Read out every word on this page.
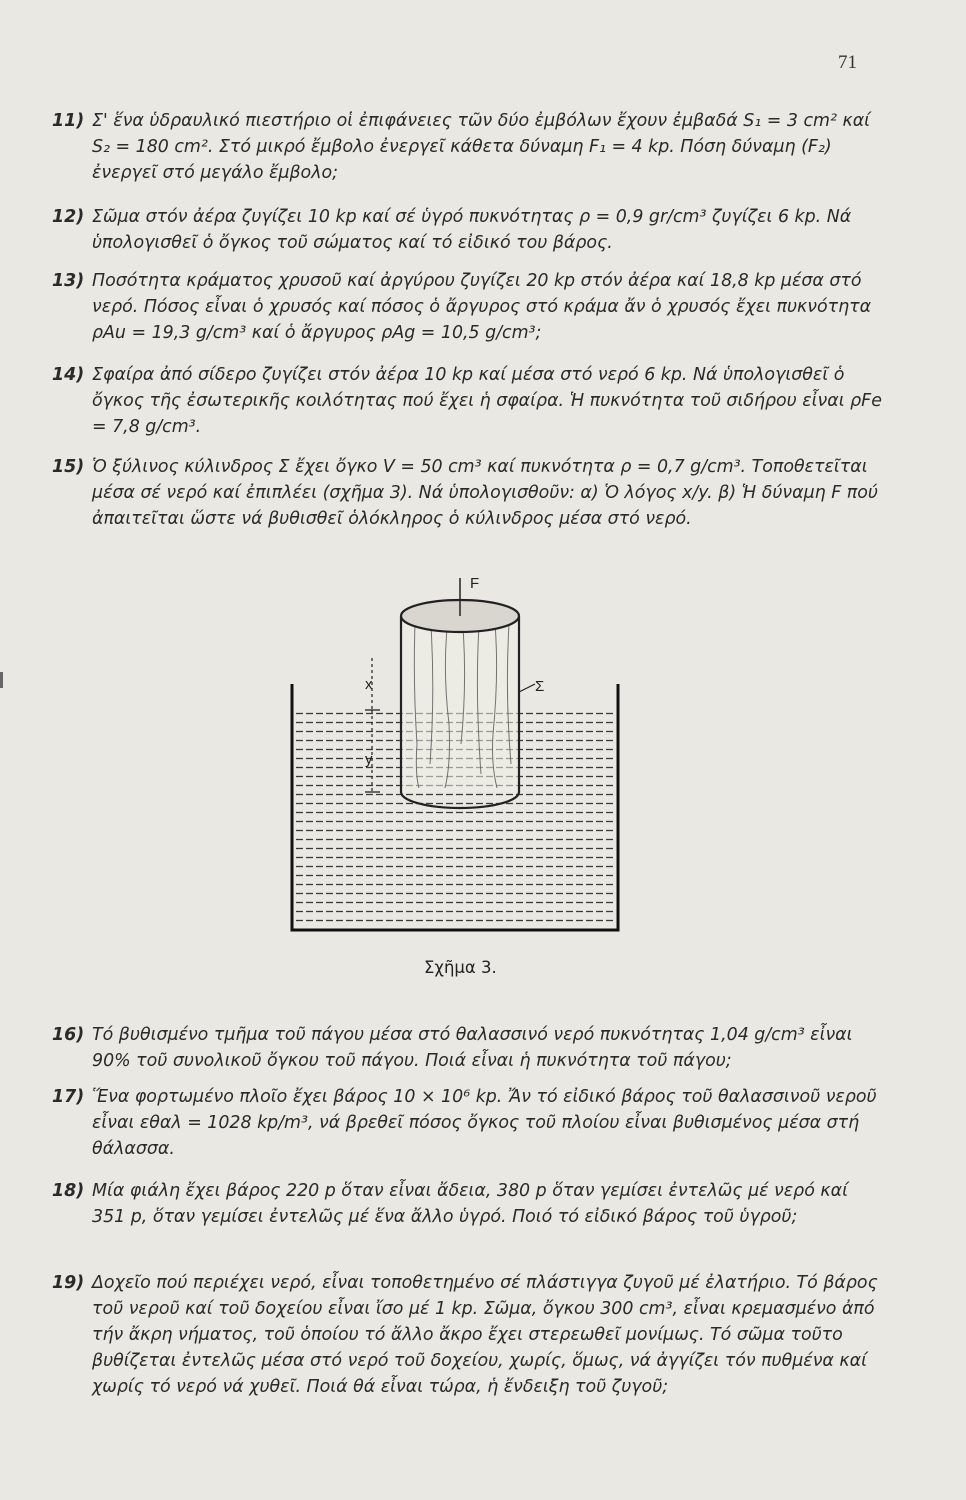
71
11) Σ' ἕνα ὑδραυλικό πιεστήριο οἱ ἐπιφάνειες τῶν δύο ἐμβόλων ἔχουν ἐμβαδά S₁ = 3 cm² καί S₂ = 180 cm². Στό μικρό ἔμβολο ἐνεργεῖ κάθετα δύναμη F₁ = 4 kp. Πόση δύναμη (F₂) ἐνεργεῖ στό μεγάλο ἔμβολο;
12) Σῶμα στόν ἀέρα ζυγίζει 10 kp καί σέ ὑγρό πυκνότητας ρ = 0,9 gr/cm³ ζυγίζει 6 kp. Νά ὑπολογισθεῖ ὁ ὄγκος τοῦ σώματος καί τό εἰδικό του βάρος.
13) Ποσότητα κράματος χρυσοῦ καί ἀργύρου ζυγίζει 20 kp στόν ἀέρα καί 18,8 kp μέσα στό νερό. Πόσος εἶναι ὁ χρυσός καί πόσος ὁ ἄργυρος στό κράμα ἄν ὁ χρυσός ἔχει πυκνότητα ρAu = 19,3 g/cm³ καί ὁ ἄργυρος ρAg = 10,5 g/cm³;
14) Σφαίρα ἀπό σίδερο ζυγίζει στόν ἀέρα 10 kp καί μέσα στό νερό 6 kp. Νά ὑπολογισθεῖ ὁ ὄγκος τῆς ἐσωτερικῆς κοιλότητας πού ἔχει ἡ σφαίρα. Ἡ πυκνότητα τοῦ σιδήρου εἶναι ρFe = 7,8 g/cm³.
15) Ὁ ξύλινος κύλινδρος Σ ἔχει ὄγκο V = 50 cm³ καί πυκνότητα ρ = 0,7 g/cm³. Τοποθετεῖται μέσα σέ νερό καί ἐπιπλέει (σχῆμα 3). Νά ὑπολογισθοῦν: α) Ὁ λόγος x/y. β) Ἡ δύναμη F πού ἀπαιτεῖται ὥστε νά βυθισθεῖ ὁλόκληρος ὁ κύλινδρος μέσα στό νερό.
F
Σ
x
y
Σχῆμα 3.
16) Τό βυθισμένο τμῆμα τοῦ πάγου μέσα στό θαλασσινό νερό πυκνότητας 1,04 g/cm³ εἶναι 90% τοῦ συνολικοῦ ὄγκου τοῦ πάγου. Ποιά εἶναι ἡ πυκνότητα τοῦ πάγου;
17) Ἕνα φορτωμένο πλοῖο ἔχει βάρος 10 × 10⁶ kp. Ἄν τό εἰδικό βάρος τοῦ θαλασσινοῦ νεροῦ εἶναι εθαλ = 1028 kp/m³, νά βρεθεῖ πόσος ὄγκος τοῦ πλοίου εἶναι βυθισμένος μέσα στή θάλασσα.
18) Μία φιάλη ἔχει βάρος 220 p ὅταν εἶναι ἄδεια, 380 p ὅταν γεμίσει ἐντελῶς μέ νερό καί 351 p, ὅταν γεμίσει ἐντελῶς μέ ἕνα ἄλλο ὑγρό. Ποιό τό εἰδικό βάρος τοῦ ὑγροῦ;
19) Δοχεῖο πού περιέχει νερό, εἶναι τοποθετημένο σέ πλάστιγγα ζυγοῦ μέ ἐλατήριο. Τό βάρος τοῦ νεροῦ καί τοῦ δοχείου εἶναι ἴσο μέ 1 kp. Σῶμα, ὄγκου 300 cm³, εἶναι κρεμασμένο ἀπό τήν ἄκρη νήματος, τοῦ ὁποίου τό ἄλλο ἄκρο ἔχει στερεωθεῖ μονίμως. Τό σῶμα τοῦτο βυθίζεται ἐντελῶς μέσα στό νερό τοῦ δοχείου, χωρίς, ὅμως, νά ἀγγίζει τόν πυθμένα καί χωρίς τό νερό νά χυθεῖ. Ποιά θά εἶναι τώρα, ἡ ἔνδειξη τοῦ ζυγοῦ;
